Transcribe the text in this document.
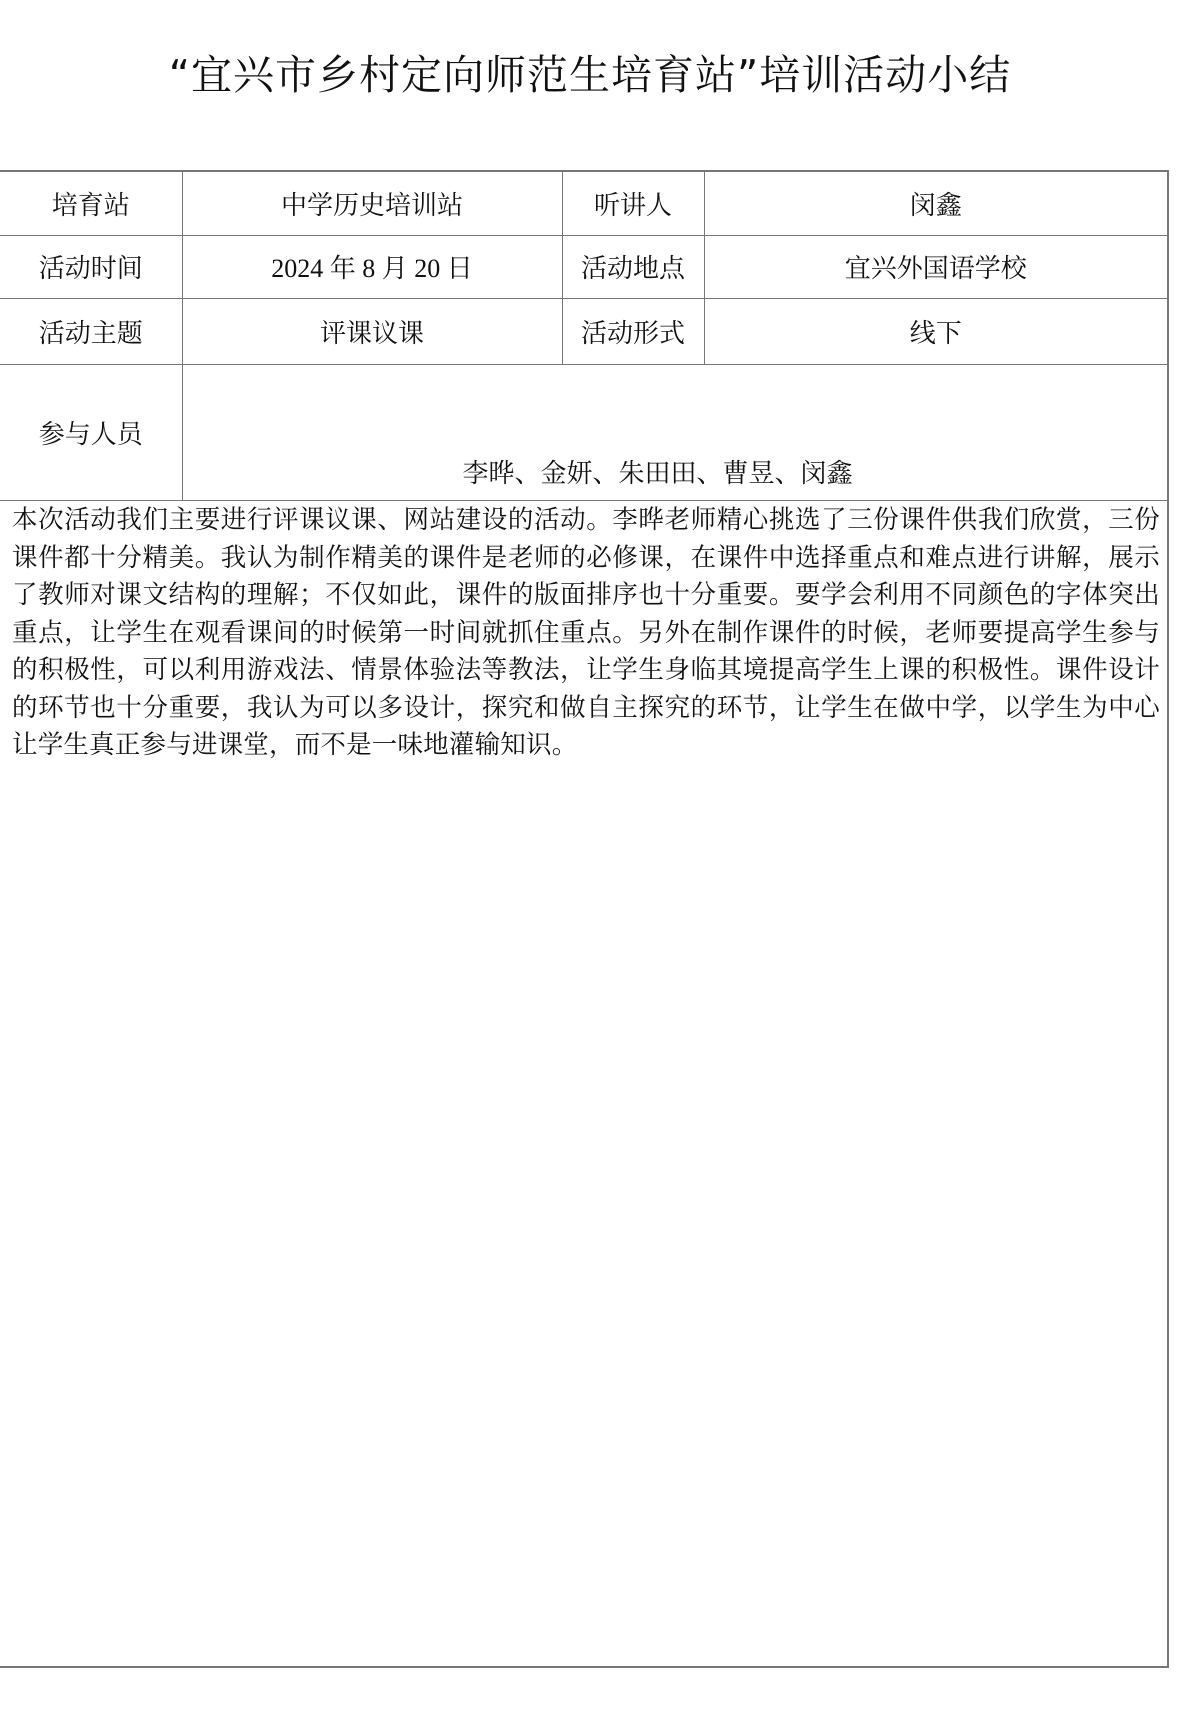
“宜兴市乡村定向师范生培育站”培训活动小结
培育站	中学历史培训站	听讲人	闵鑫
活动时间	2024 年 8 月 20 日	活动地点	宜兴外国语学校
活动主题	评课议课	活动形式	线下
参与人员	李晔、金妍、朱田田、曹昱、闵鑫		
本次活动我们主要进行评课议课、网站建设的活动。李晔老师精心挑选了三份课件供我们欣赏，三份课件都十分精美。我认为制作精美的课件是老师的必修课，在课件中选择重点和难点进行讲解，展示了教师对课文结构的理解；不仅如此，课件的版面排序也十分重要。要学会利用不同颜色的字体突出重点，让学生在观看课间的时候第一时间就抓住重点。另外在制作课件的时候，老师要提高学生参与的积极性，可以利用游戏法、情景体验法等教法，让学生身临其境提高学生上课的积极性。课件设计的环节也十分重要，我认为可以多设计，探究和做自主探究的环节，让学生在做中学，以学生为中心让学生真正参与进课堂，而不是一味地灌输知识。
